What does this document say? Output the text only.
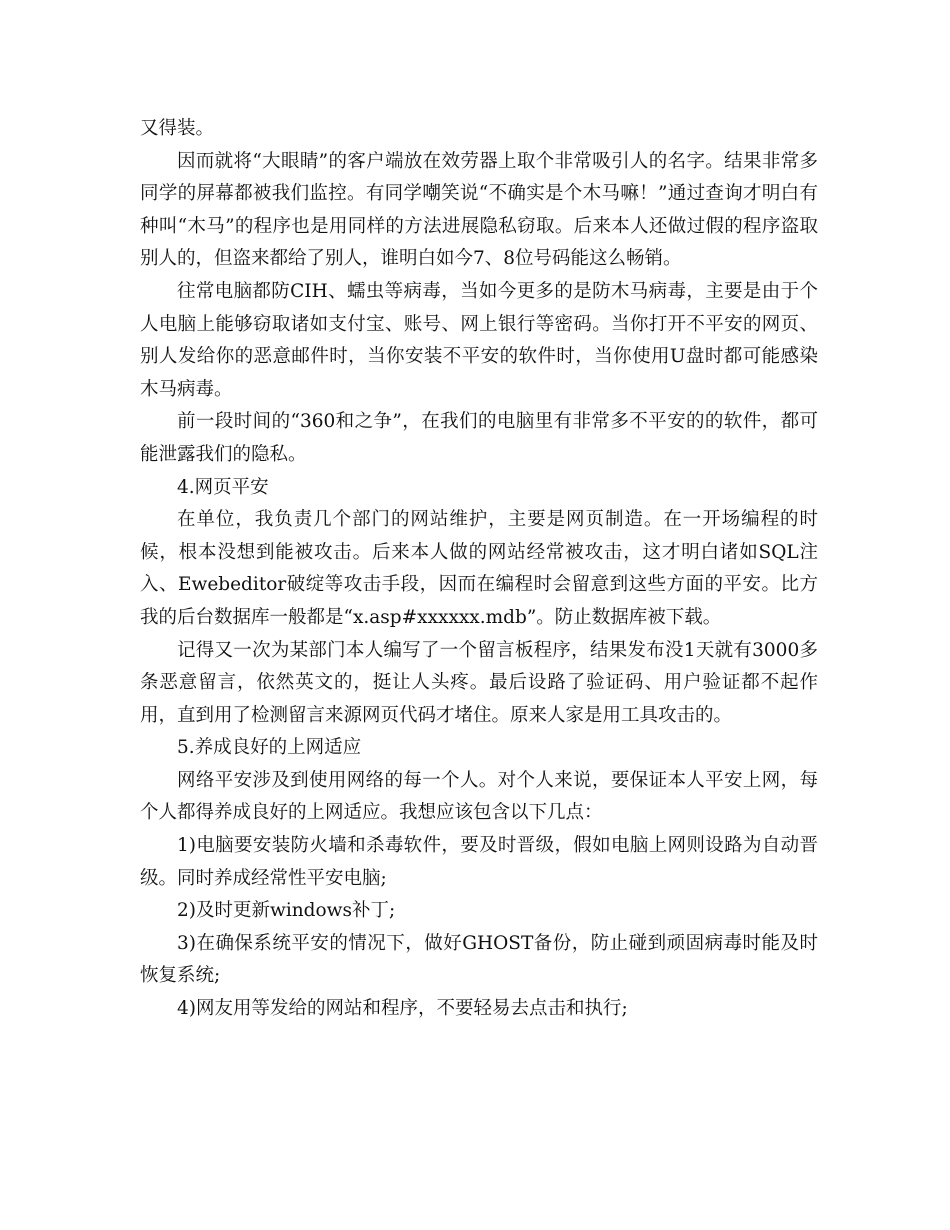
又得装。

因而就将“大眼睛”的客户端放在效劳器上取个非常吸引人的名字。结果非常多同学的屏幕都被我们监控。有同学嘲笑说“不确实是个木马嘛！”通过查询才明白有种叫“木马”的程序也是用同样的方法进展隐私窃取。后来本人还做过假的程序盗取别人的，但盗来都给了别人，谁明白如今7、8位号码能这么畅销。

往常电脑都防CIH、蠕虫等病毒，当如今更多的是防木马病毒，主要是由于个人电脑上能够窃取诸如支付宝、账号、网上银行等密码。当你打开不平安的网页、别人发给你的恶意邮件时，当你安装不平安的软件时，当你使用U盘时都可能感染木马病毒。

前一段时间的“360和之争”，在我们的电脑里有非常多不平安的的软件，都可能泄露我们的隐私。

4.网页平安

在单位，我负责几个部门的网站维护，主要是网页制造。在一开场编程的时候，根本没想到能被攻击。后来本人做的网站经常被攻击，这才明白诸如SQL注入、Ewebeditor破绽等攻击手段，因而在编程时会留意到这些方面的平安。比方我的后台数据库一般都是“x.asp#xxxxxx.mdb”。防止数据库被下载。

记得又一次为某部门本人编写了一个留言板程序，结果发布没1天就有3000多条恶意留言，依然英文的，挺让人头疼。最后设路了验证码、用户验证都不起作用，直到用了检测留言来源网页代码才堵住。原来人家是用工具攻击的。

5.养成良好的上网适应

网络平安涉及到使用网络的每一个人。对个人来说，要保证本人平安上网，每个人都得养成良好的上网适应。我想应该包含以下几点：

1)电脑要安装防火墙和杀毒软件，要及时晋级，假如电脑上网则设路为自动晋级。同时养成经常性平安电脑;

2)及时更新windows补丁;

3)在确保系统平安的情况下，做好GHOST备份，防止碰到顽固病毒时能及时恢复系统;

4)网友用等发给的网站和程序，不要轻易去点击和执行;
